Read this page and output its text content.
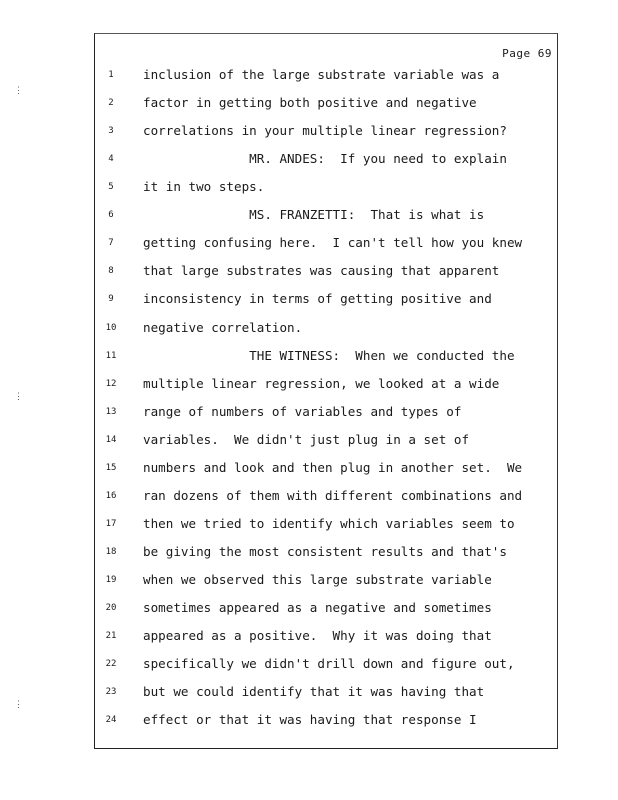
Page 69
⋮
⋮
⋮
1	inclusion of the large substrate variable was a
2	factor in getting both positive and negative
3	correlations in your multiple linear regression?
4	MR. ANDES:  If you need to explain
5	it in two steps.
6	MS. FRANZETTI:  That is what is
7	getting confusing here.  I can't tell how you knew
8	that large substrates was causing that apparent
9	inconsistency in terms of getting positive and
10	negative correlation.
11	THE WITNESS:  When we conducted the
12	multiple linear regression, we looked at a wide
13	range of numbers of variables and types of
14	variables.  We didn't just plug in a set of
15	numbers and look and then plug in another set.  We
16	ran dozens of them with different combinations and
17	then we tried to identify which variables seem to
18	be giving the most consistent results and that's
19	when we observed this large substrate variable
20	sometimes appeared as a negative and sometimes
21	appeared as a positive.  Why it was doing that
22	specifically we didn't drill down and figure out,
23	but we could identify that it was having that
24	effect or that it was having that response I
